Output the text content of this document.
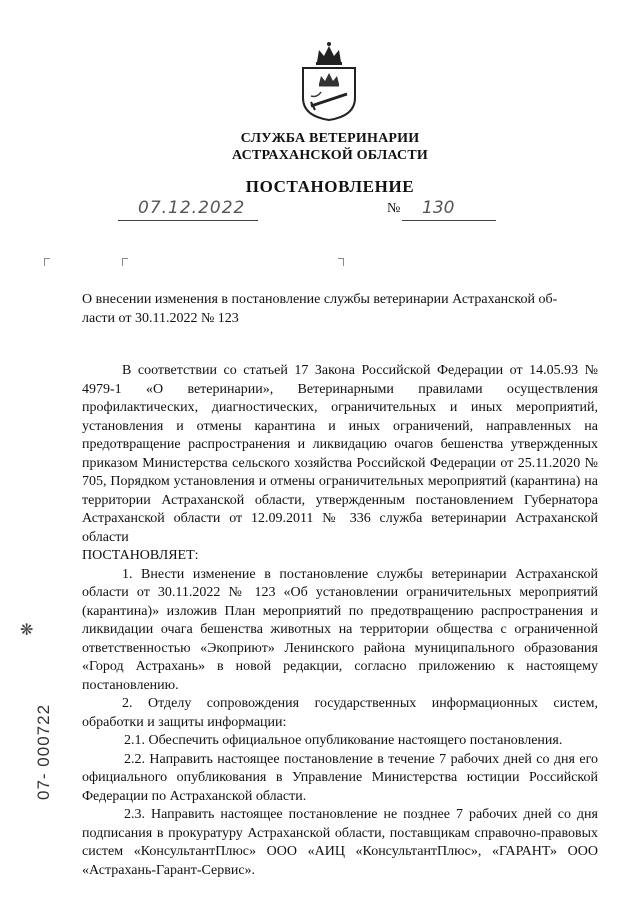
СЛУЖБА ВЕТЕРИНАРИИ
АСТРАХАНСКОЙ ОБЛАСТИ
ПОСТАНОВЛЕНИЕ
07.12.2022	№ 130
О внесении изменения в постановление службы ветеринарии Астраханской об-
ласти от 30.11.2022 № 123

В соответствии со статьей 17 Закона Российской Федерации от 14.05.93 № 4979-1 «О ветеринарии», Ветеринарными правилами осуществления профилактических, диагностических, ограничительных и иных мероприятий, установления и отмены карантина и иных ограничений, направленных на предотвращение распространения и ликвидацию очагов бешенства утвержденных приказом Министерства сельского хозяйства Российской Федерации от 25.11.2020 № 705, Порядком установления и отмены ограничительных мероприятий (карантина) на территории Астраханской области, утвержденным постановлением Губернатора Астраханской области от 12.09.2011 № 336 служба ветеринарии Астраханской области

ПОСТАНОВЛЯЕТ:

1. Внести изменение в постановление службы ветеринарии Астраханской области от 30.11.2022 № 123 «Об установлении ограничительных мероприятий (карантина)» изложив План мероприятий по предотвращению распространения и ликвидации очага бешенства животных на территории общества с ограниченной ответственностью «Экоприют» Ленинского района муниципального образования «Город Астрахань» в новой редакции, согласно приложению к настоящему постановлению.

2. Отделу сопровождения государственных информационных систем, обработки и защиты информации:

2.1. Обеспечить официальное опубликование настоящего постановления.

2.2. Направить настоящее постановление в течение 7 рабочих дней со дня его официального опубликования в Управление Министерства юстиции Российской Федерации по Астраханской области.

2.3. Направить настоящее постановление не позднее 7 рабочих дней со дня подписания в прокуратуру Астраханской области, поставщикам справочно-правовых систем «КонсультантПлюс» ООО «АИЦ «КонсультантПлюс», «ГАРАНТ» ООО «Астрахань-Гарант-Сервис».

❋
07- 000722
